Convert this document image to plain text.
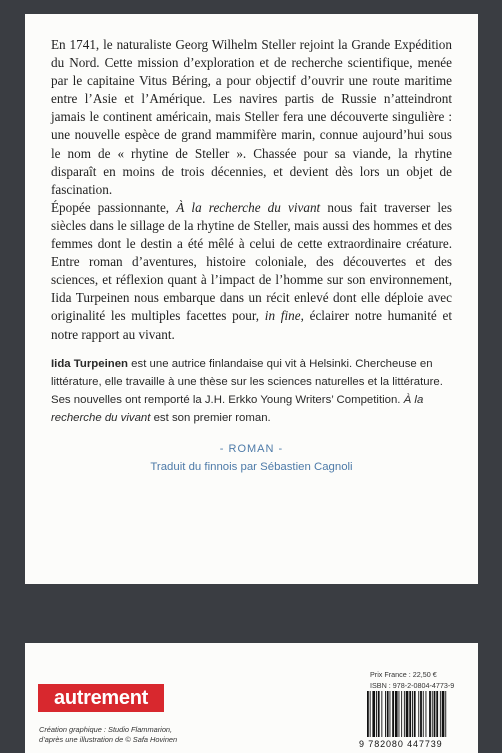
En 1741, le naturaliste Georg Wilhelm Steller rejoint la Grande Expédition du Nord. Cette mission d’exploration et de recherche scientifique, menée par le capitaine Vitus Béring, a pour objectif d’ouvrir une route maritime entre l’Asie et l’Amérique. Les navires partis de Russie n’atteindront jamais le continent américain, mais Steller fera une découverte singulière : une nouvelle espèce de grand mammifère marin, connue aujourd’hui sous le nom de « rhytine de Steller ». Chassée pour sa viande, la rhytine disparaît en moins de trois décennies, et devient dès lors un objet de fascination.

Épopée passionnante, À la recherche du vivant nous fait traverser les siècles dans le sillage de la rhytine de Steller, mais aussi des hommes et des femmes dont le destin a été mêlé à celui de cette extraordinaire créature. Entre roman d’aventures, histoire coloniale, des découvertes et des sciences, et réflexion quant à l’impact de l’homme sur son environnement, Iida Turpeinen nous embarque dans un récit enlevé dont elle déploie avec originalité les multiples facettes pour, in fine, éclairer notre humanité et notre rapport au vivant.

Iida Turpeinen est une autrice finlandaise qui vit à Helsinki. Chercheuse en littérature, elle travaille à une thèse sur les sciences naturelles et la littérature. Ses nouvelles ont remporté la J.H. Erkko Young Writers’ Competition. À la recherche du vivant est son premier roman.
- ROMAN -
Traduit du finnois par Sébastien Cagnoli
autrement
Création graphique : Studio Flammarion,
d’après une illustration de © Safa Hovinen
Prix France : 22,50 €
ISBN : 978-2-0804-4773-9
9 782080 447739
